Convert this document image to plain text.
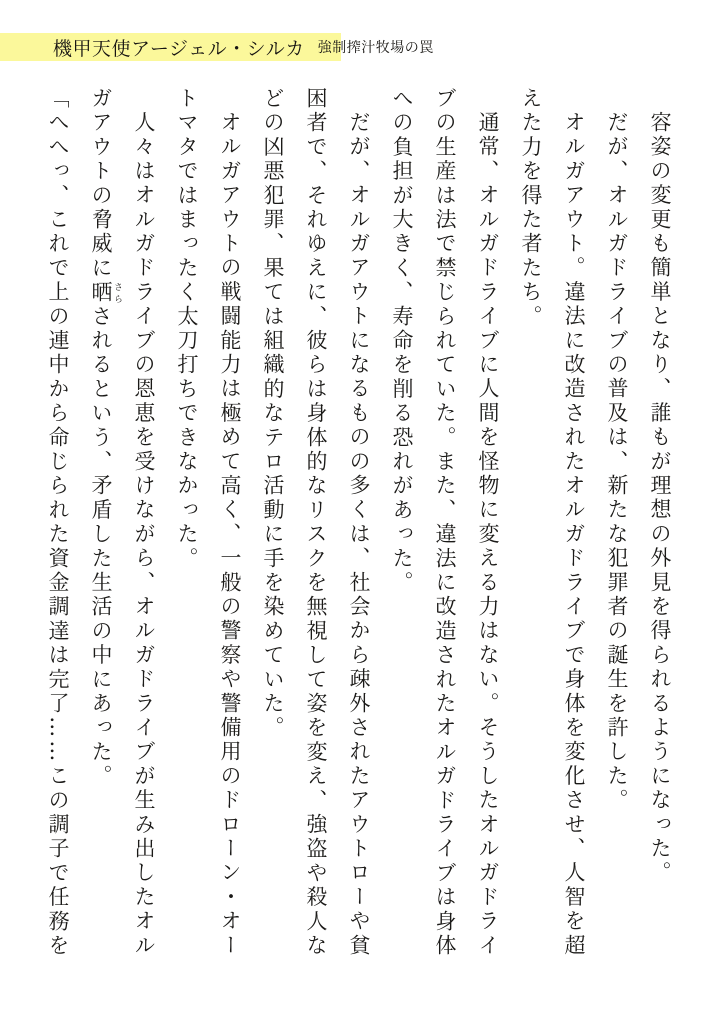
機甲天使アージェル・シルカ 強制搾汁牧場の罠
容姿の変更も簡単となり、誰もが理想の外見を得られるようになった。
だが、オルガドライブの普及は、新たな犯罪者の誕生を許した。
オルガアウト。違法に改造されたオルガドライブで身体を変化させ、人智を超
えた力を得た者たち。
通常、オルガドライブに人間を怪物に変える力はない。そうしたオルガドライ
ブの生産は法で禁じられていた。また、違法に改造されたオルガドライブは身体
への負担が大きく、寿命を削る恐れがあった。
だが、オルガアウトになるものの多くは、社会から疎外されたアウトローや貧
困者で、それゆえに、彼らは身体的なリスクを無視して姿を変え、強盗や殺人な
どの凶悪犯罪、果ては組織的なテロ活動に手を染めていた。
オルガアウトの戦闘能力は極めて高く、一般の警察や警備用のドローン・オー
トマタではまったく太刀打ちできなかった。
人々はオルガドライブの恩恵を受けながら、オルガドライブが生み出したオル
ガアウトの脅威に晒 さらされるという、矛盾した生活の中にあった。
「へへっ、これで上の連中から命じられた資金調達は完了……この調子で任務を
